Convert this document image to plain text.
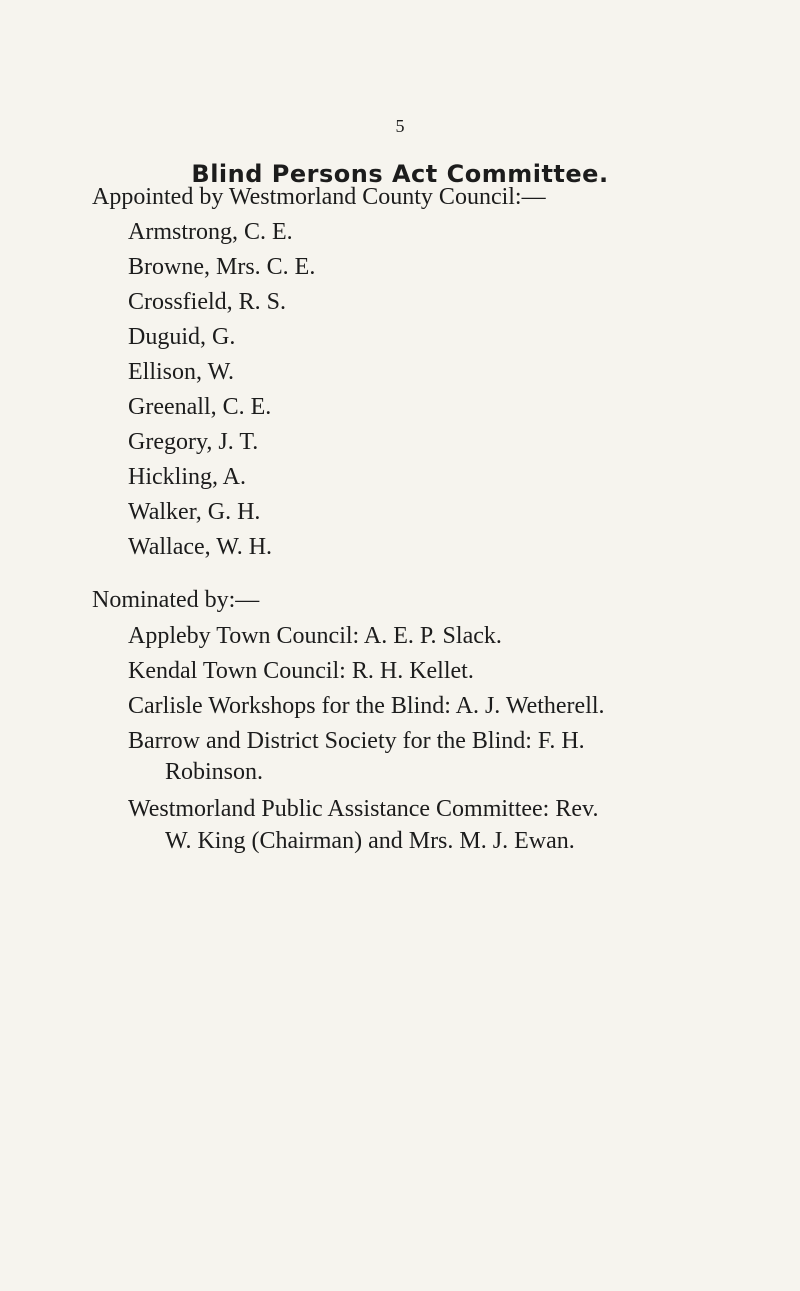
5
Blind Persons Act Committee.
Appointed by Westmorland County Council:—
Armstrong, C. E.
Browne, Mrs. C. E.
Crossfield, R. S.
Duguid, G.
Ellison, W.
Greenall, C. E.
Gregory, J. T.
Hickling, A.
Walker, G. H.
Wallace, W. H.
Nominated by:—
Appleby Town Council: A. E. P. Slack.
Kendal Town Council: R. H. Kellet.
Carlisle Workshops for the Blind: A. J. Wetherell.
Barrow and District Society for the Blind: F. H.
Robinson.
Westmorland Public Assistance Committee: Rev.
W. King (Chairman) and Mrs. M. J. Ewan.
